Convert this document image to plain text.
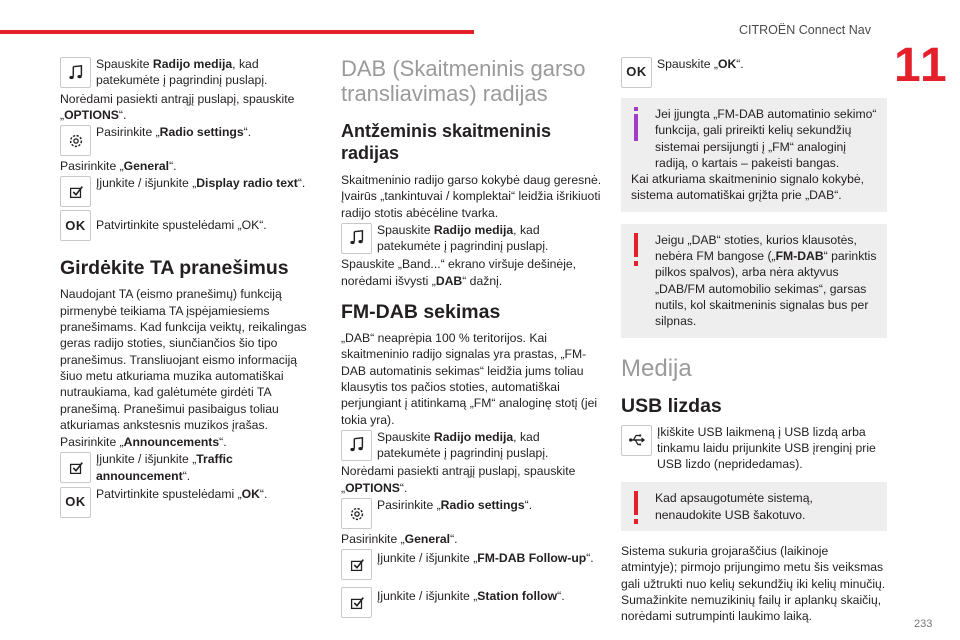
CITROËN Connect Nav
11
233
Spauskite Radijo medija, kad patekumėte į pagrindinį puslapį.
Norėdami pasiekti antrąjį puslapį, spauskite „OPTIONS“.
Pasirinkite „Radio settings“.
Pasirinkite „General“.
Įjunkite / išjunkite „Display radio text“.
OK Patvirtinkite spustelėdami „OK“.
Girdėkite TA pranešimus
Naudojant TA (eismo pranešimų) funkciją pirmenybė teikiama TA įspėjamiesiems pranešimams. Kad funkcija veiktų, reikalingas geras radijo stoties, siunčiančios šio tipo pranešimus. Transliuojant eismo informaciją šiuo metu atkuriama muzika automatiškai nutraukiama, kad galėtumėte girdėti TA pranešimą. Pranešimui pasibaigus toliau atkuriamas ankstesnis muzikos įrašas.
Pasirinkite „Announcements“.
Įjunkite / išjunkite „Traffic announcement“.
OK
Patvirtinkite spustelėdami „OK“.
DAB (Skaitmeninis garso transliavimas) radijas
Antžeminis skaitmeninis radijas
Skaitmeninio radijo garso kokybė daug geresnė. Įvairūs „tankintuvai / komplektai“ leidžia išrikiuoti radijo stotis abėcėline tvarka.
Spauskite Radijo medija, kad patekumėte į pagrindinį puslapį.
Spauskite „Band...“ ekrano viršuje dešinėje, norėdami išvysti „DAB“ dažnį.
FM-DAB sekimas
„DAB“ neaprėpia 100 % teritorijos. Kai skaitmeninio radijo signalas yra prastas, „FM-DAB automatinis sekimas“ leidžia jums toliau klausytis tos pačios stoties, automatiškai perjungiant į atitinkamą „FM“ analoginę stotį (jei tokia yra).
Spauskite Radijo medija, kad patekumėte į pagrindinį puslapį.
Norėdami pasiekti antrąjį puslapį, spauskite „OPTIONS“.
Pasirinkite „Radio settings“.
Pasirinkite „General“.
Įjunkite / išjunkite „FM-DAB Follow-up“.
Įjunkite / išjunkite „Station follow“.
OK
Spauskite „OK“.
Jei įjungta „FM-DAB automatinio sekimo“ funkcija, gali prireikti kelių sekundžių sistemai persijungti į „FM“ analoginį radiją, o kartais – pakeisti bangas.
Kai atkuriama skaitmeninio signalo kokybė, sistema automatiškai grįžta prie „DAB“.
Jeigu „DAB“ stoties, kurios klausotės, nebėra FM bangose („FM-DAB“ parinktis pilkos spalvos), arba nėra aktyvus „DAB/FM automobilio sekimas“, garsas nutils, kol skaitmeninis signalas bus per silpnas.
Medija
USB lizdas
Įkiškite USB laikmeną į USB lizdą arba tinkamu laidu prijunkite USB įrenginį prie USB lizdo (nepridedamas).
Kad apsaugotumėte sistemą, nenaudokite USB šakotuvo.
Sistema sukuria grojaraščius (laikinoje atmintyje); pirmojo prijungimo metu šis veiksmas gali užtrukti nuo kelių sekundžių iki kelių minučių. Sumažinkite nemuzikinių failų ir aplankų skaičių, norėdami sutrumpinti laukimo laiką.
